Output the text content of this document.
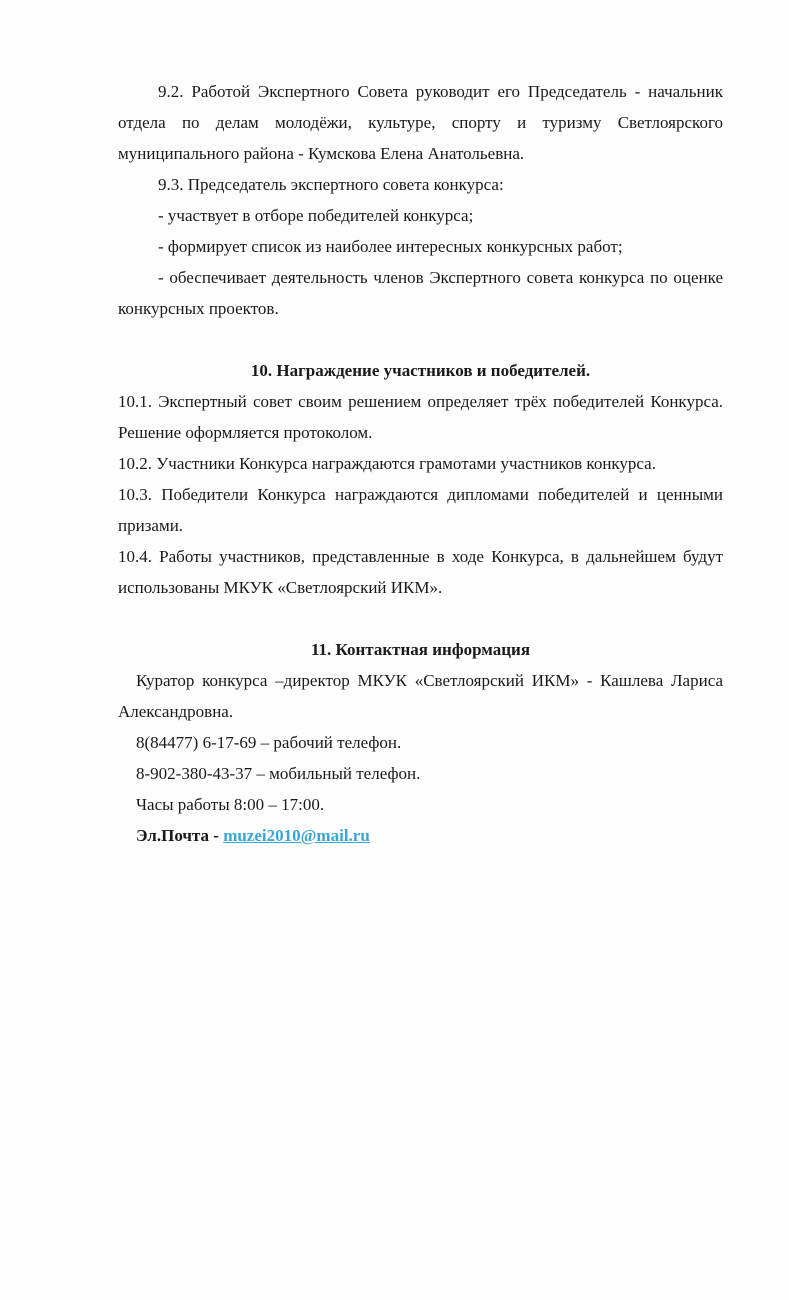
9.2. Работой Экспертного Совета руководит его Председатель - начальник отдела по делам молодёжи, культуре, спорту и туризму Светлоярского муниципального района - Кумскова Елена Анатольевна.

9.3. Председатель экспертного совета конкурса:

- участвует в отборе победителей конкурса;

- формирует список из наиболее интересных конкурсных работ;

- обеспечивает деятельность членов Экспертного совета конкурса по оценке конкурсных проектов.

10. Награждение участников и победителей.

10.1. Экспертный совет своим решением определяет трёх победителей Конкурса. Решение оформляется протоколом.

10.2. Участники Конкурса награждаются грамотами участников конкурса.

10.3. Победители Конкурса награждаются дипломами победителей и ценными призами.

10.4. Работы участников, представленные в ходе Конкурса, в дальнейшем будут использованы МКУК «Светлоярский ИКМ».

11. Контактная информация

Куратор конкурса –директор МКУК «Светлоярский ИКМ» - Кашлева Лариса Александровна.

8(84477) 6-17-69 – рабочий телефон.

8-902-380-43-37 – мобильный телефон.

Часы работы 8:00 – 17:00.

Эл.Почта - muzei2010@mail.ru
